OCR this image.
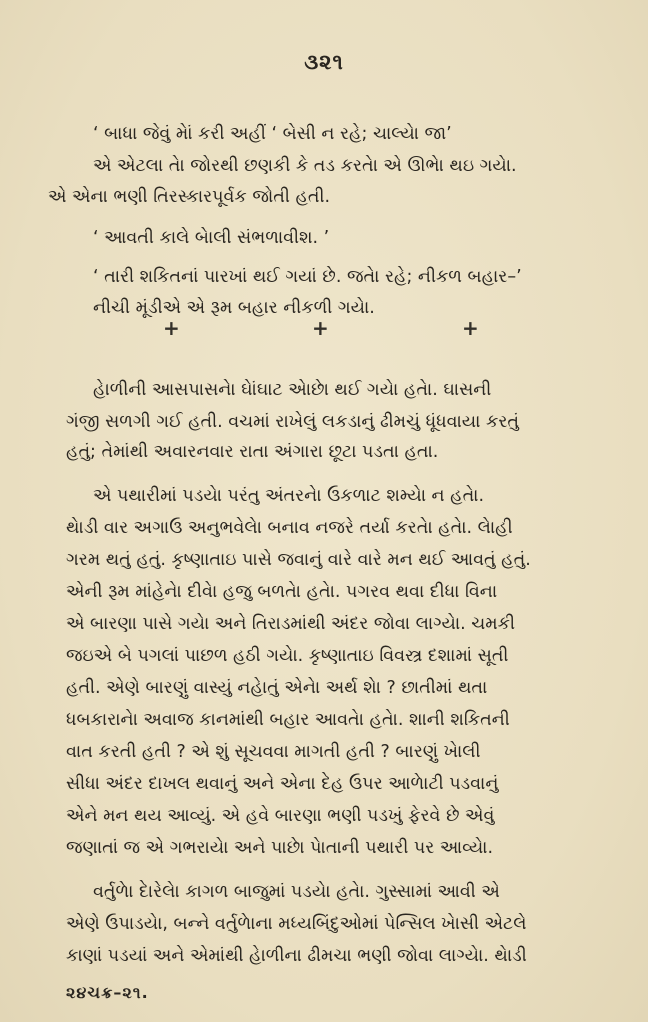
૩૨૧
‘ બાધા જેવું મેાં કરી અહીં ‘ બેસી ન રહે; ચાલ્યેા જા’
એ એટલા તેા જોરથી છણકી કે તડ કરતેા એ ઊભેા થઇ ગયેા.
એ એના ભણી તિરસ્કારપૂર્વક જોતી હતી.
‘ આવતી કાલે બેાલી સંભળાવીશ. ’
‘ તારી શકિતનાં પારખાં થઈ ગયાં છે. જતેા રહે; નીકળ બહાર–’
નીચી મૂંડીએ એ રૂમ બહાર નીકળી ગયેા.
+	+	+
હેાળીની આસપાસનેા ઘેાંઘાટ એાછેા થઈ ગયેા હતેા. ઘાસની
ગંજી સળગી ગઈ હતી. વચમાં રાખેલું લકડાનું ઢીમચું ધૂંધવાયા કરતું
હતું; તેમાંથી અવારનવાર રાતા અંગારા છૂટા પડતા હતા.
એ પથારીમાં પડયેા પરંતુ અંતરનેા ઉકળાટ શમ્યેા ન હતેા.
થેાડી વાર અગાઉ અનુભવેલેા બનાવ નજરે તર્યા કરતેા હતેા. લેાહી
ગરમ થતું હતું. કૃષ્ણાતાઇ પાસે જવાનું વારે વારે મન થઈ આવતું હતું.
એની રૂમ માંહેનેા દીવેા હજુ બળતેા હતેા. પગરવ થવા દીધા વિના
એ બારણા પાસે ગયેા અને તિરાડમાંથી અંદર જોવા લાગ્યેા. ચમકી
જઇએ બે પગલાં પાછળ હઠી ગયેા. કૃષ્ણાતાઇ વિવસ્ત્ર દશામાં સૂતી
હતી. એણે બારણું વાસ્યું નહેાતું એનેા અર્થ શેા ? છાતીમાં થતા
ધબકારાનેા અવાજ કાનમાંથી બહાર આવતેા હતેા. શાની શકિતની
વાત કરતી હતી ? એ શું સૂચવવા માગતી હતી ? બારણું ખેાલી
સીધા અંદર દાખલ થવાનું અને એના દેહ ઉપર આળેાટી પડવાનું
એને મન થય આવ્યું. એ હવે બારણા ભણી પડખું ફેરવે છે એવું
જણાતાં જ એ ગભરાયેા અને પાછેા પેાતાની પથારી પર આવ્યેા.
વર્તુળેા દેારેલેા કાગળ બાજુમાં પડયેા હતેા. ગુસ્સામાં આવી એ
એણે ઉપાડયેા, બન્ને વર્તુળેાના મધ્યબિંદુઓમાં પેન્સિલ ખેાસી એટલે
કાણાં પડયાં અને એમાંથી હેાળીના ઢીમચા ભણી જોવા લાગ્યેા. થેાડી
૨૪ચક્ર–૨૧.
